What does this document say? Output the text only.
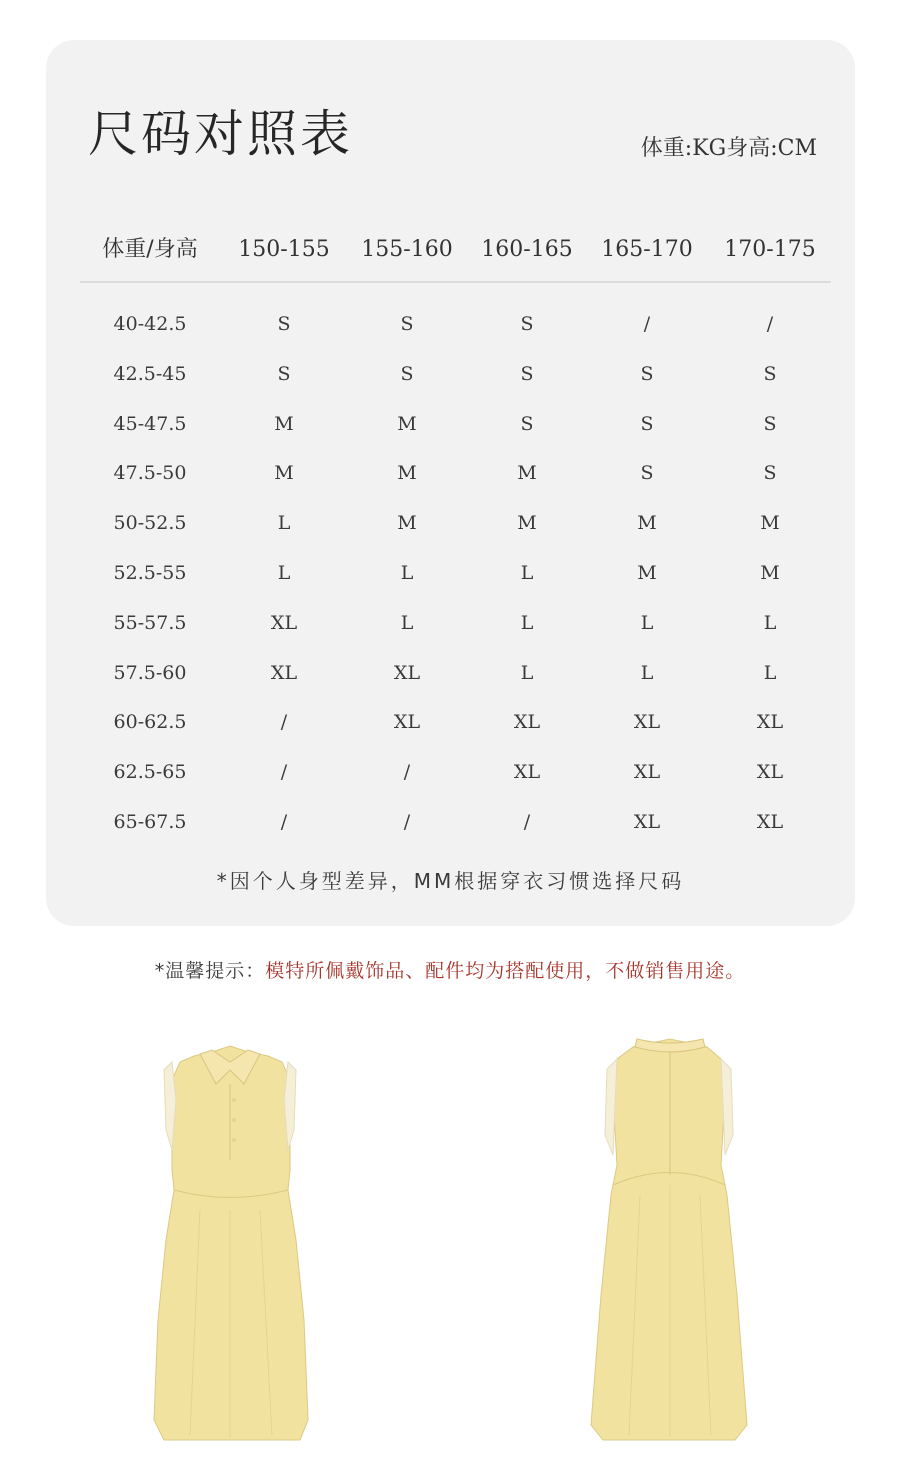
尺码对照表	体重:KG身高:CM
体重/身高 150-155 155-160 160-165 165-170 170-175
40-42.5	S	S	S	/	/
42.5-45	S	S	S	S	S
45-47.5	M	M	S	S	S
47.5-50	M	M	M	S	S
50-52.5	L	M	M	M	M
52.5-55	L	L	L	M	M
55-57.5	XL	L	L	L	L
57.5-60	XL	XL	L	L	L
60-62.5	/	XL	XL	XL	XL
62.5-65	/	/	XL	XL	XL
65-67.5	/	/	/	XL	XL
*因个人身型差异，MM根据穿衣习惯选择尺码
*温馨提示：模特所佩戴饰品、配件均为搭配使用，不做销售用途。
